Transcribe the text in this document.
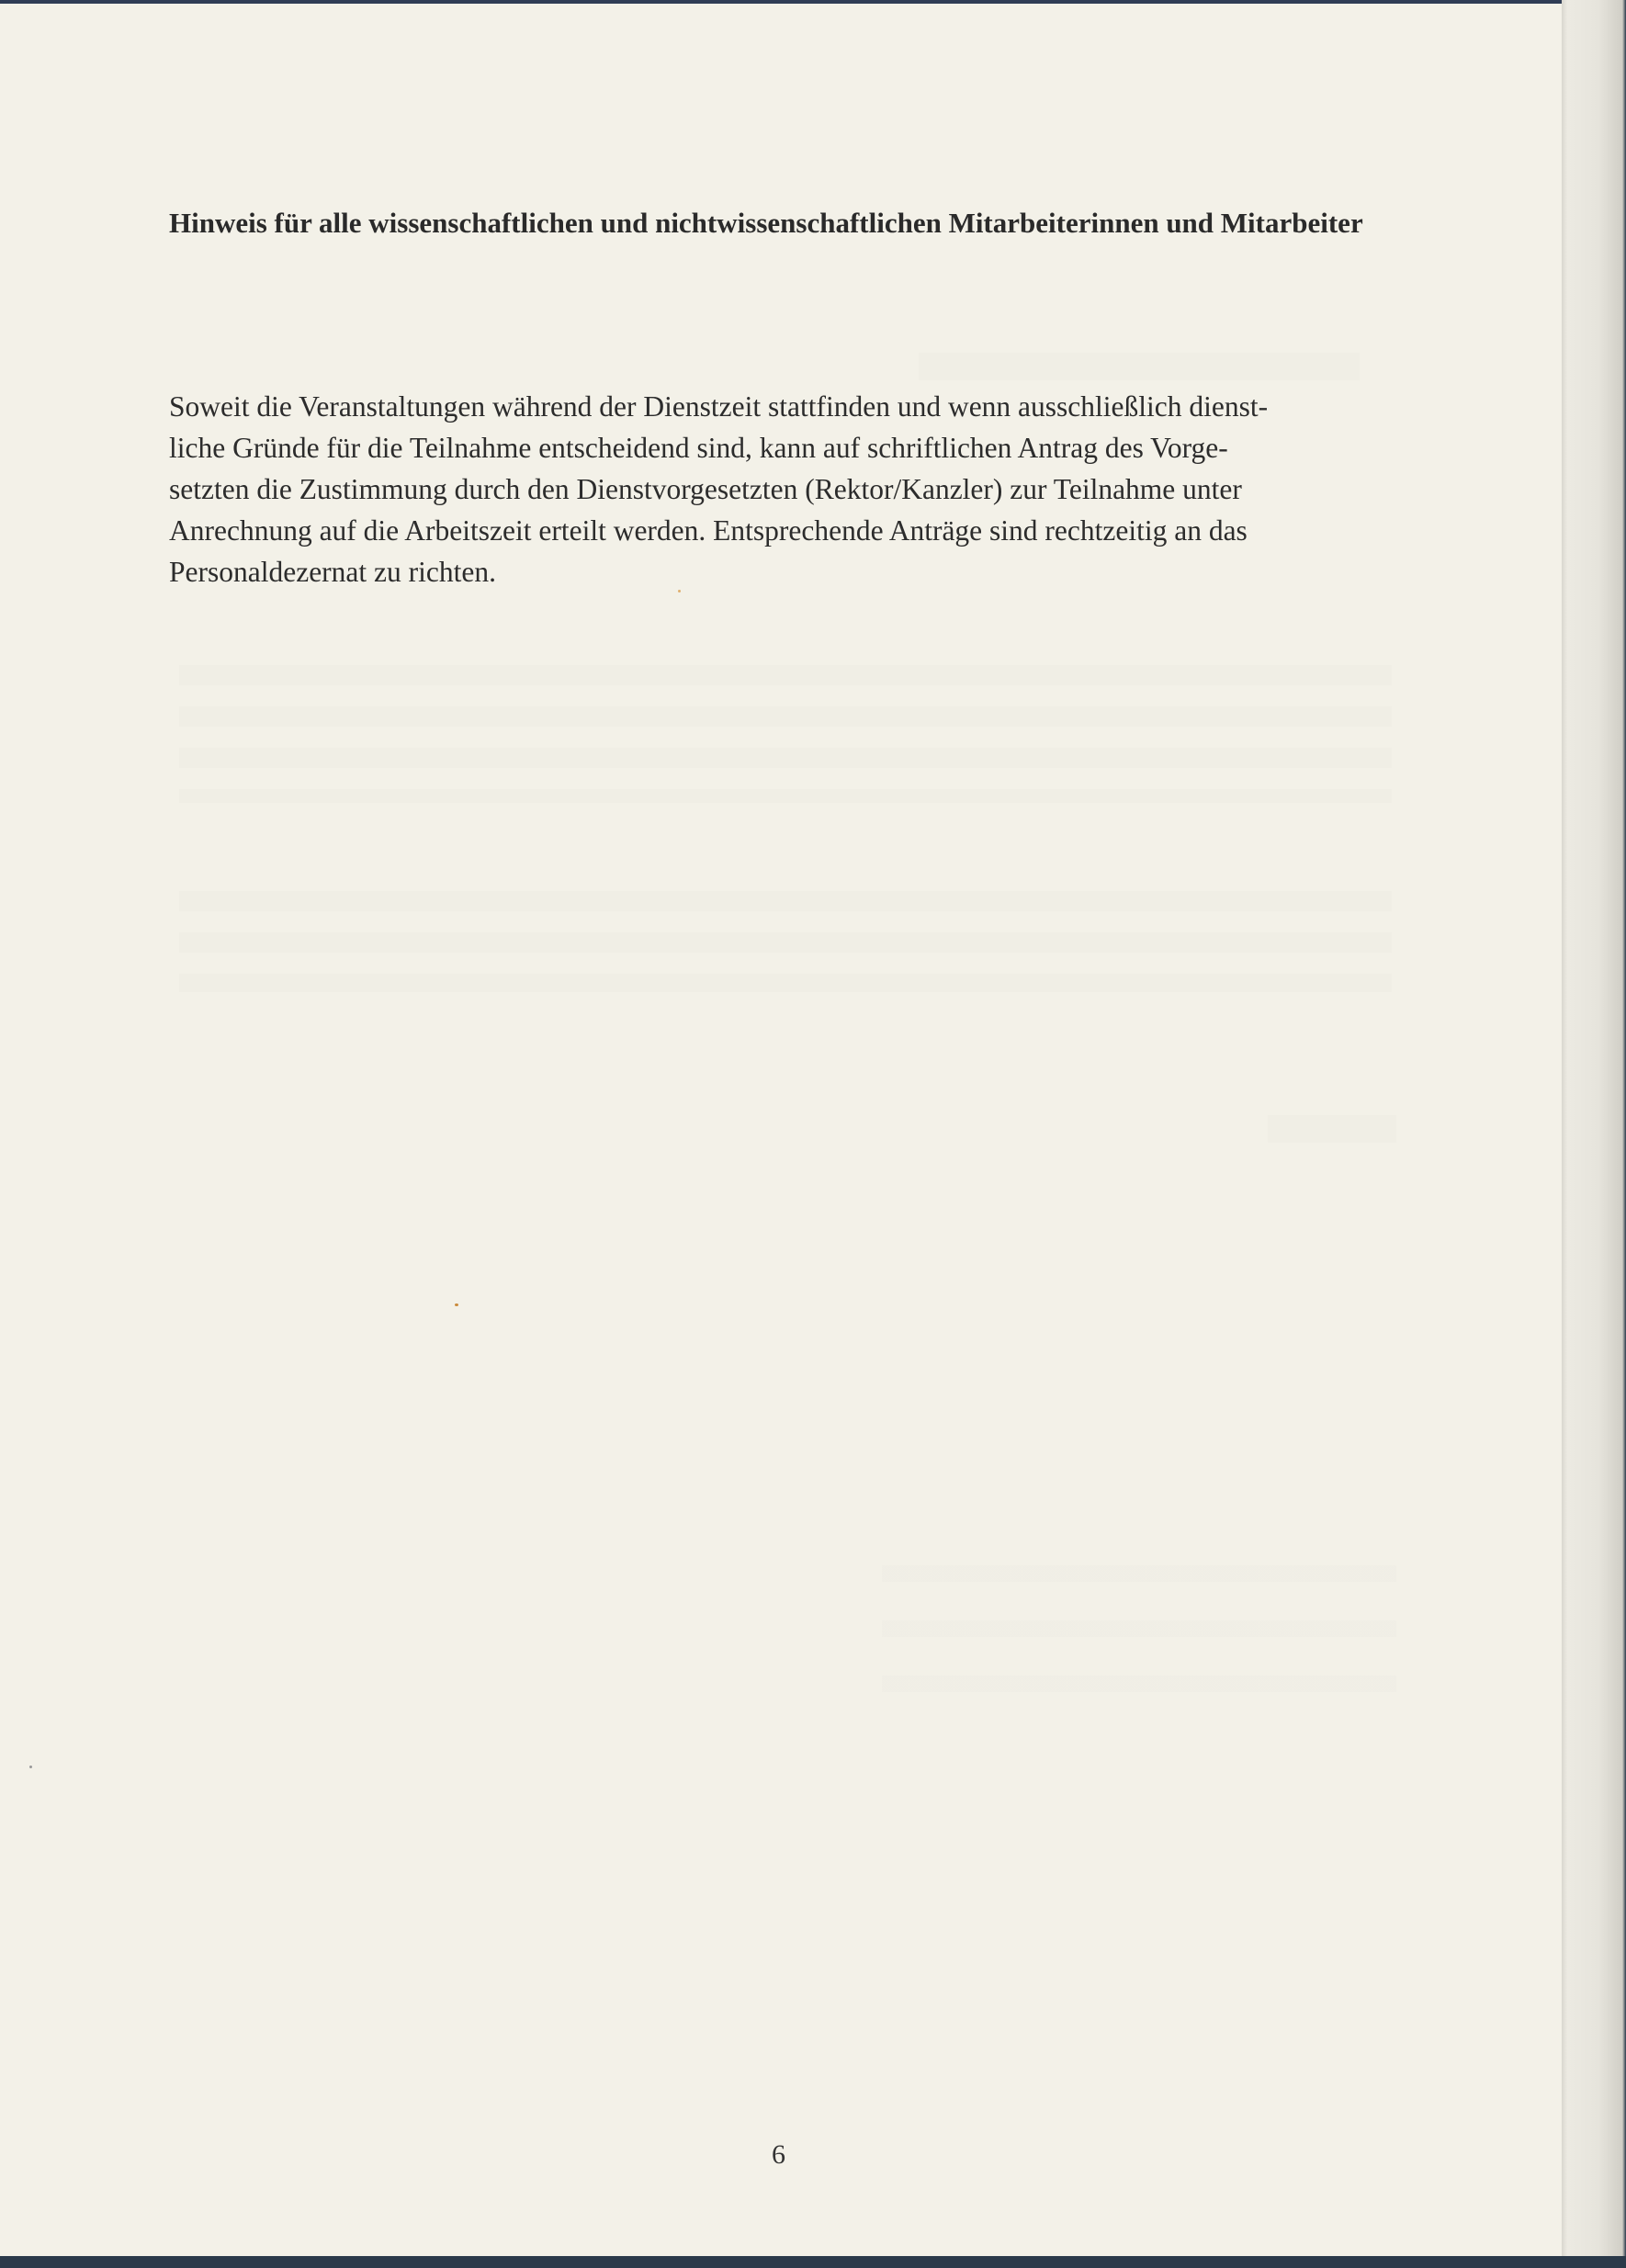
Hinweis für alle wissenschaftlichen und nichtwissenschaftlichen Mitarbeiterinnen und Mitarbeiter

Soweit die Veranstaltungen während der Dienstzeit stattfinden und wenn ausschließlich dienst-
liche Gründe für die Teilnahme entscheidend sind, kann auf schriftlichen Antrag des Vorge-
setzten die Zustimmung durch den Dienstvorgesetzten (Rektor/Kanzler) zur Teilnahme unter
Anrechnung auf die Arbeitszeit erteilt werden. Entsprechende Anträge sind rechtzeitig an das
Personaldezernat zu richten.

6
